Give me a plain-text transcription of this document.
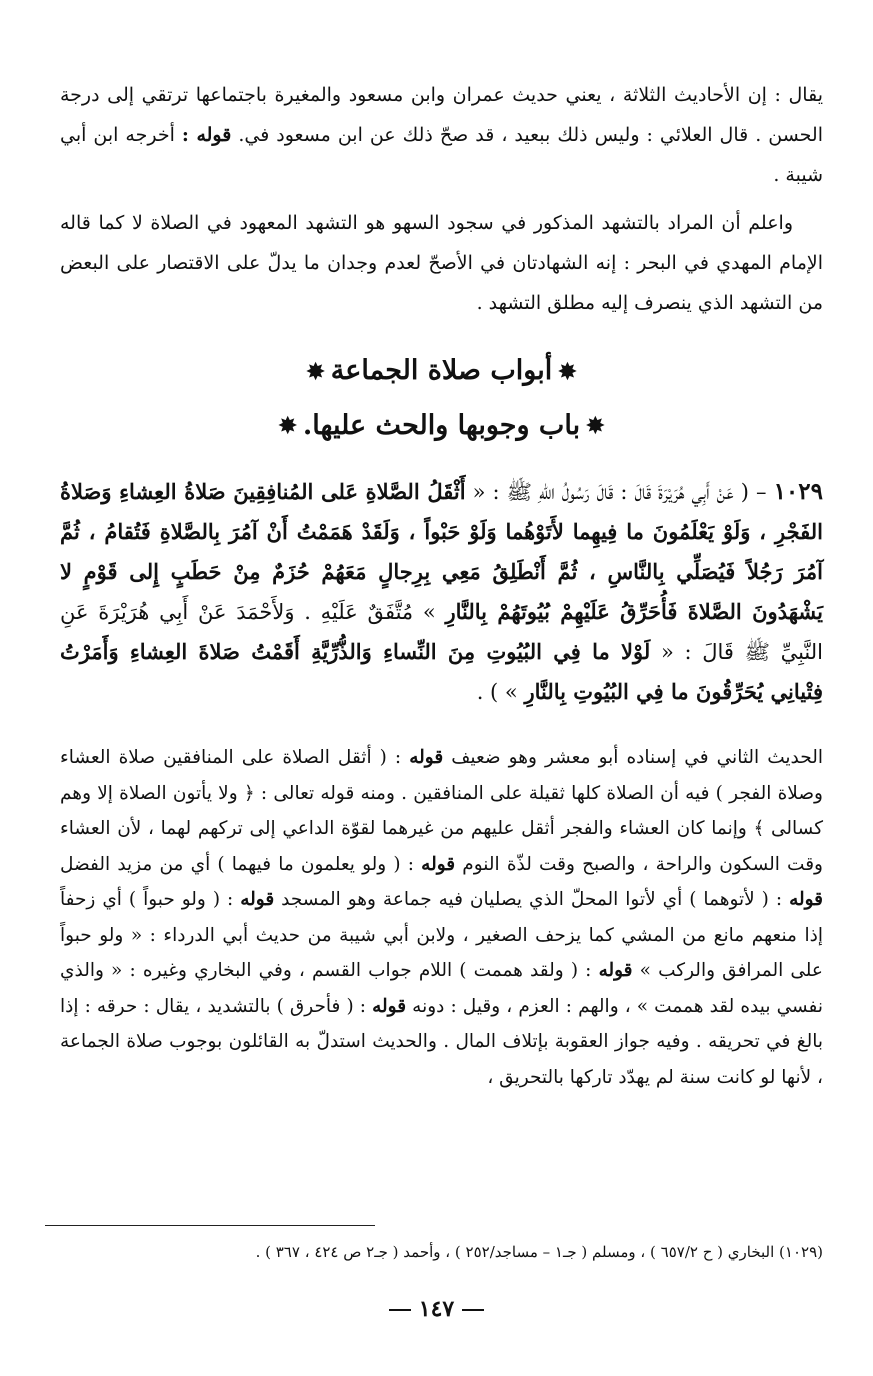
يقال : إن الأحاديث الثلاثة ، يعني حديث عمران وابن مسعود والمغيرة باجتماعها ترتقي إلى درجة الحسن . قال العلائي : وليس ذلك ببعيد ، قد صحّ ذلك عن ابن مسعود في. قوله : أخرجه ابن أبي شيبة .

واعلم أن المراد بالتشهد المذكور في سجود السهو هو التشهد المعهود في الصلاة لا كما قاله الإمام المهدي في البحر : إنه الشهادتان في الأصحّ لعدم وجدان ما يدلّ على الاقتصار على البعض من التشهد الذي ينصرف إليه مطلق التشهد .

✸أبواب صلاة الجماعة✸
✸باب وجوبها والحث عليها.✸
١٠٢٩ – ( عَنْ أَبِي هُرَيْرَةَ قَالَ : قَالَ رَسُولُ اللهِ ﷺ : « أَثْقَلُ الصَّلاةِ عَلى المُنافِقِينَ صَلاةُ العِشاءِ وَصَلاةُ الفَجْرِ ، وَلَوْ يَعْلَمُونَ ما فِيهِما لأَتَوْهُما وَلَوْ حَبْواً ، وَلَقَدْ هَمَمْتُ أَنْ آمُرَ بِالصَّلاةِ فَتُقامُ ، ثُمَّ آمُرَ رَجُلاً فَيُصَلِّي بِالنَّاسِ ، ثُمَّ أَنْطَلِقُ مَعِي بِرِجالٍ مَعَهُمْ حُزَمٌ مِنْ حَطَبٍ إِلى قَوْمٍ لا يَشْهَدُونَ الصَّلاةَ فَأُحَرِّقُ عَلَيْهِمْ بُيُوتَهُمْ بِالنَّارِ » مُتَّفَقٌ عَلَيْهِ . وَلأَحْمَدَ عَنْ أَبِي هُرَيْرَةَ عَنِ النَّبِيِّ ﷺ قَالَ : « لَوْلا ما فِي البُيُوتِ مِنَ النِّساءِ وَالذُّرِّيَّةِ أَقَمْتُ صَلاةَ العِشاءِ وَأَمَرْتُ فِتْيانِي يُحَرِّقُونَ ما فِي البُيُوتِ بِالنَّارِ » ) .
الحديث الثاني في إسناده أبو معشر وهو ضعيف قوله : ( أثقل الصلاة على المنافقين صلاة العشاء وصلاة الفجر ) فيه أن الصلاة كلها ثقيلة على المنافقين . ومنه قوله تعالى : ﴿ ولا يأتون الصلاة إلا وهم كسالى ﴾ وإنما كان العشاء والفجر أثقل عليهم من غيرهما لقوّة الداعي إلى تركهم لهما ، لأن العشاء وقت السكون والراحة ، والصبح وقت لذّة النوم قوله : ( ولو يعلمون ما فيهما ) أي من مزيد الفضل قوله : ( لأتوهما ) أي لأتوا المحلّ الذي يصليان فيه جماعة وهو المسجد قوله : ( ولو حبواً ) أي زحفاً إذا منعهم مانع من المشي كما يزحف الصغير ، ولابن أبي شيبة من حديث أبي الدرداء : « ولو حبواً على المرافق والركب » قوله : ( ولقد هممت ) اللام جواب القسم ، وفي البخاري وغيره : « والذي نفسي بيده لقد هممت » ، والهم : العزم ، وقيل : دونه قوله : ( فأحرق ) بالتشديد ، يقال : حرقه : إذا بالغ في تحريقه . وفيه جواز العقوبة بإتلاف المال . والحديث استدلّ به القائلون بوجوب صلاة الجماعة ، لأنها لو كانت سنة لم يهدّد تاركها بالتحريق ،
(١٠٢٩) البخاري ( ح ٦٥٧/٢ ) ، ومسلم ( جـ١ – مساجد/٢٥٢ ) ، وأحمد ( جـ٢ ص ٤٢٤ ، ٣٦٧ ) .
١٤٧
